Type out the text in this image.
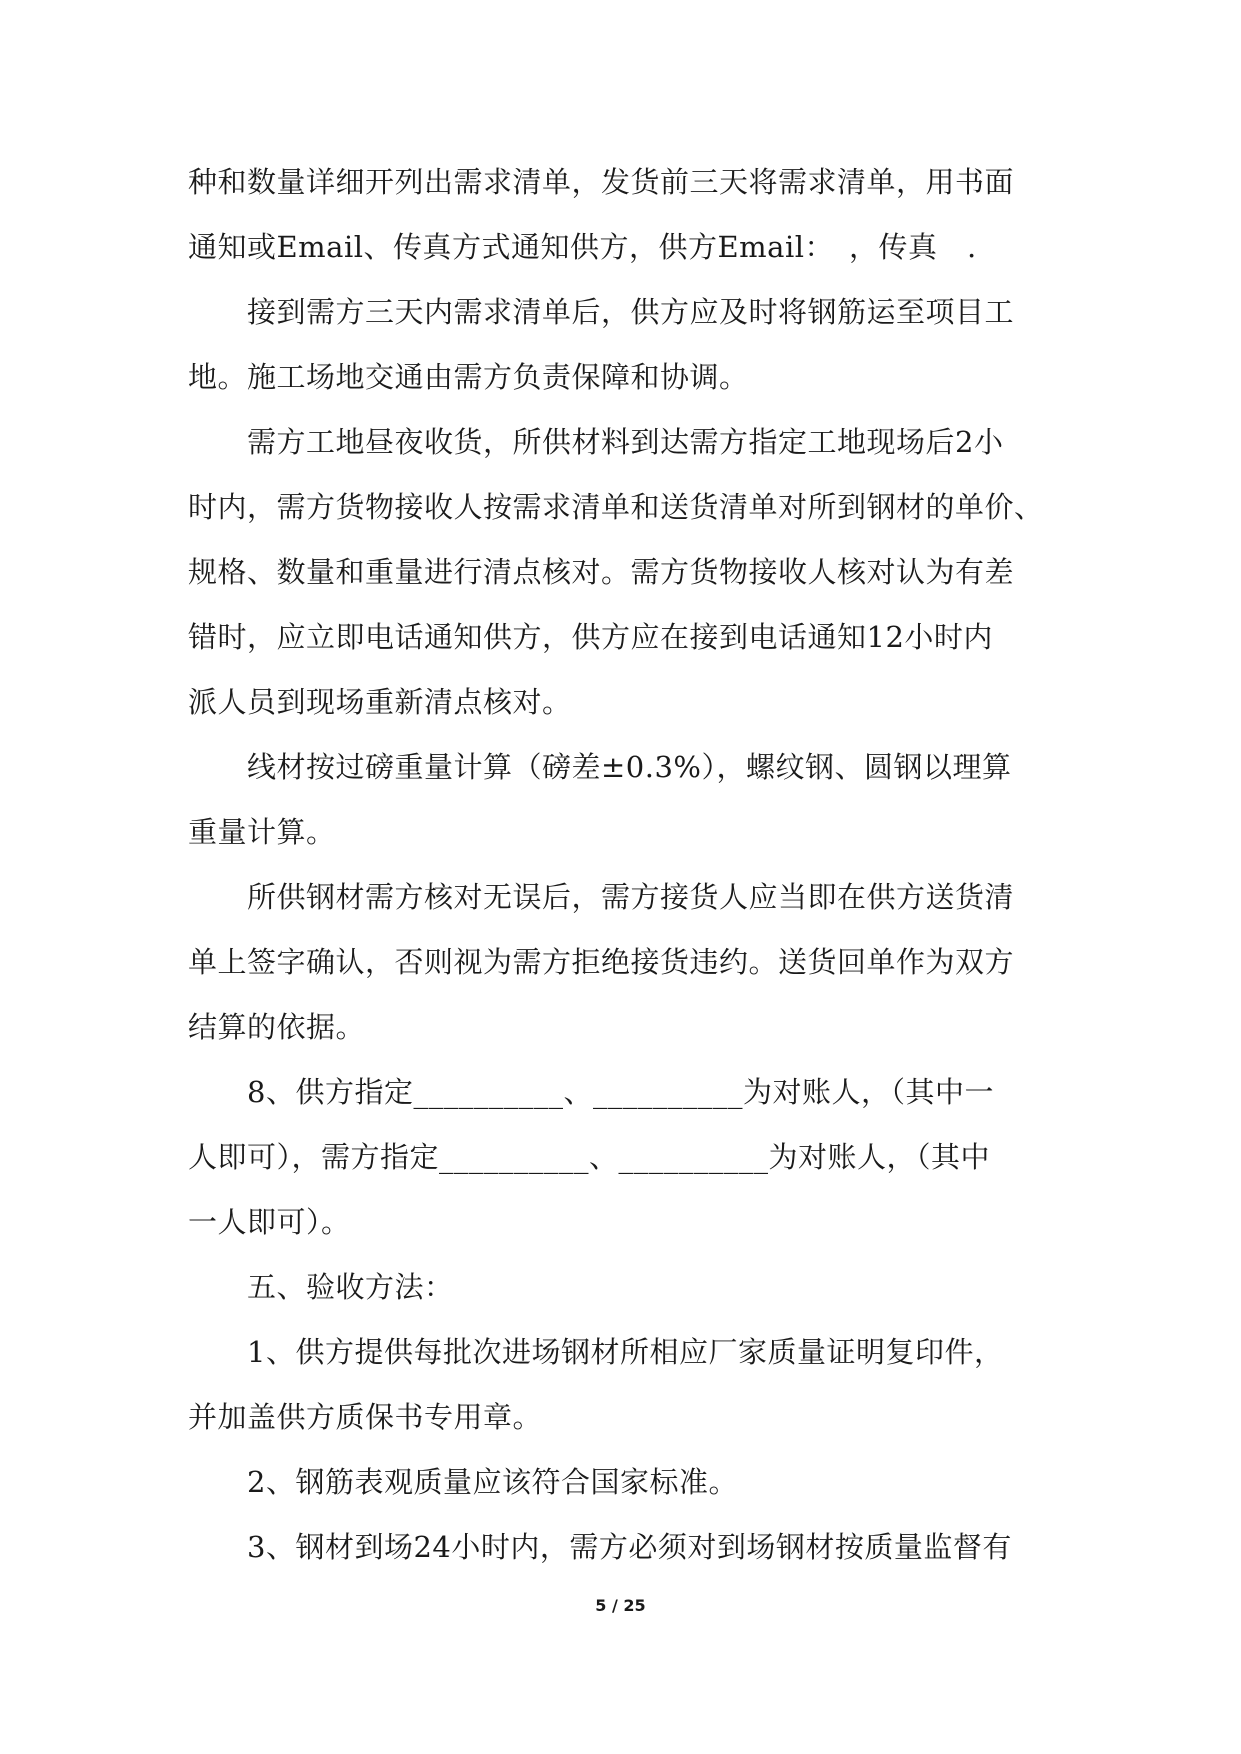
种和数量详细开列出需求清单，发货前三天将需求清单，用书面
通知或Email、传真方式通知供方，供方Email：　，传真　.
　　接到需方三天内需求清单后，供方应及时将钢筋运至项目工
地。施工场地交通由需方负责保障和协调。
　　需方工地昼夜收货，所供材料到达需方指定工地现场后2小
时内，需方货物接收人按需求清单和送货清单对所到钢材的单价、
规格、数量和重量进行清点核对。需方货物接收人核对认为有差
错时，应立即电话通知供方，供方应在接到电话通知12小时内
派人员到现场重新清点核对。
　　线材按过磅重量计算（磅差±0.3%），螺纹钢、圆钢以理算
重量计算。
　　所供钢材需方核对无误后，需方接货人应当即在供方送货清
单上签字确认，否则视为需方拒绝接货违约。送货回单作为双方
结算的依据。
　　8、供方指定__________、__________为对账人，（其中一
人即可），需方指定__________、__________为对账人，（其中
一人即可）。
　　五、验收方法：
　　1、供方提供每批次进场钢材所相应厂家质量证明复印件，
并加盖供方质保书专用章。
　　2、钢筋表观质量应该符合国家标准。
　　3、钢材到场24小时内，需方必须对到场钢材按质量监督有

5 / 25
